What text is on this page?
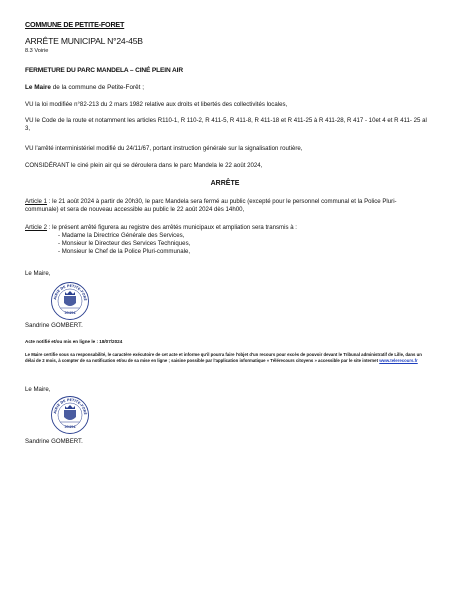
COMMUNE DE PETITE-FORET
ARRÊTE MUNICIPAL N°24-45B
8.3 Voirie
FERMETURE DU PARC MANDELA – CINÉ PLEIN AIR
Le Maire de la commune de Petite-Forêt ;
VU la loi modifiée n°82-213 du 2 mars 1982 relative aux droits et libertés des collectivités locales,
VU le Code de la route et notamment les articles R110-1, R 110-2, R 411-5, R 411-8, R 411-18 et R 411-25 à R 411-28, R 417 - 10et 4 et R 411- 25 al 3,
VU l'arrêté interministériel modifié du 24/11/67, portant instruction générale sur la signalisation routière,
CONSIDÉRANT le ciné plein air qui se déroulera dans le parc Mandela le 22 août 2024,
ARRÊTE
Article 1 : le 21 août 2024 à partir de 20h30, le parc Mandela sera fermé au public (excepté pour le personnel communal et la Police Pluri-communale) et sera de nouveau accessible au public le 22 août 2024 dès 14h00,
Article 2 : le présent arrêté figurera au registre des arrêtés municipaux et ampliation sera transmis à :
- Madame la Directrice Générale des Services,
- Monsieur le Directeur des Services Techniques,
- Monsieur le Chef de la Police Pluri-communale,
Le Maire,
AIRIE DE PETITE-FORÊ
59494
Sandrine GOMBERT.
Acte notifié et/ou mis en ligne le : 18/07/2024
Le Maire certifie sous sa responsabilité, le caractère exécutoire de cet acte et informe qu'il pourra faire l'objet d'un recours pour excès de pouvoir devant le Tribunal administratif de Lille, dans un délai de 2 mois, à compter de sa notification et/ou de sa mise en ligne ; saisine possible par l'application informatique « Télérecours citoyens » accessible par le site internet www.telerecours.fr
Le Maire,
AIRIE DE PETITE-FORÊ
59494
Sandrine GOMBERT.
